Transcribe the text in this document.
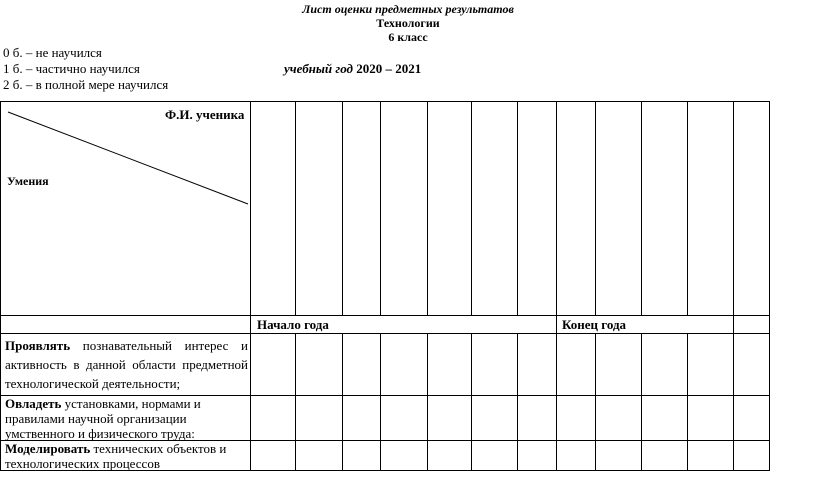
Лист оценки предметных результатов
Технологии
6 класс
0 б. – не научился
1 б. – частично научился
2 б. – в полной мере научился
учебный год 2020 – 2021
Ф.И. ученика
Умения
Начало года	Конец года
Проявлять познавательный интерес и активность в данной области предметной технологической деятельности;
Овладеть установками, нормами и правилами научной организации умственного и физического труда:
Моделировать технических объектов и технологических процессов
